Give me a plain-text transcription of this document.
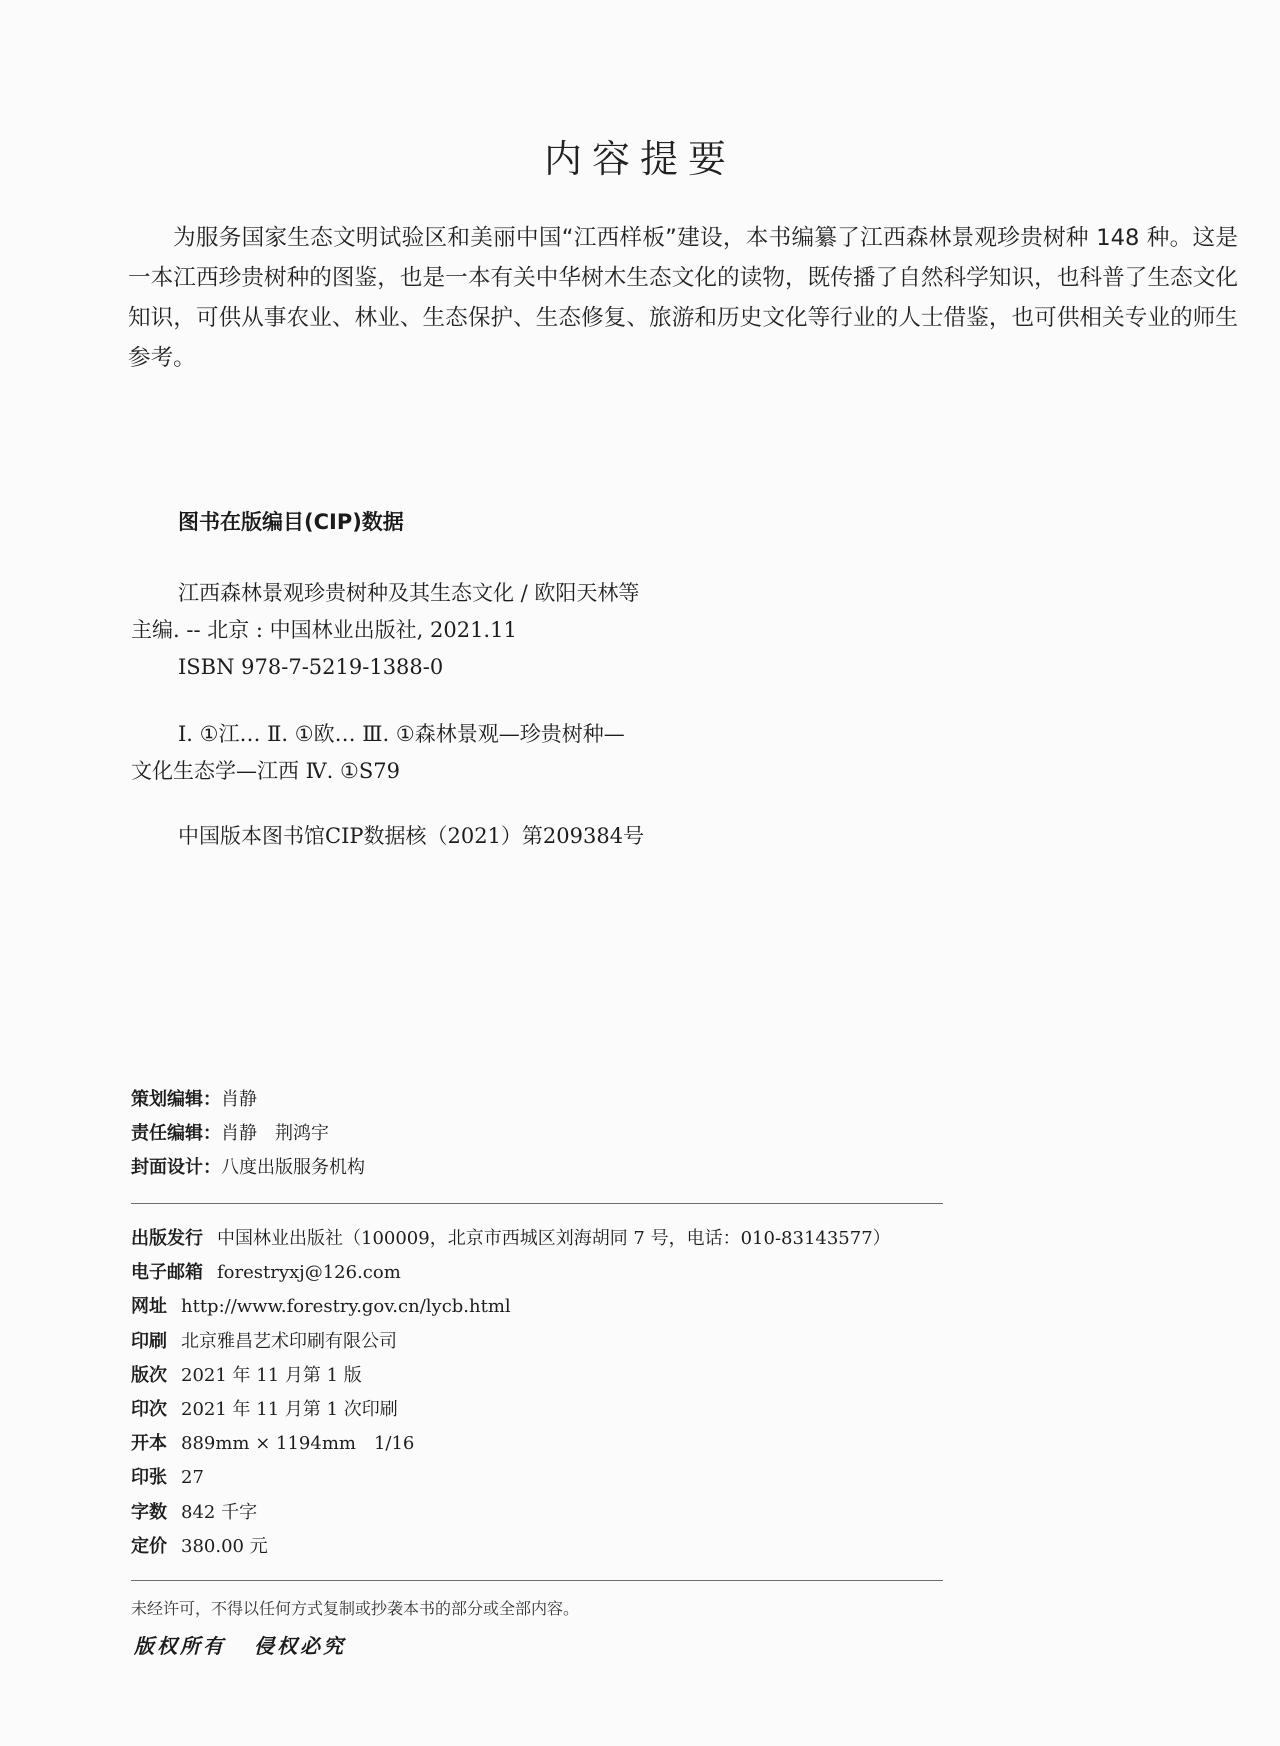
内容提要
为服务国家生态文明试验区和美丽中国“江西样板”建设，本书编纂了江西森林景观珍贵树种 148 种。这是一本江西珍贵树种的图鉴，也是一本有关中华树木生态文化的读物，既传播了自然科学知识，也科普了生态文化知识，可供从事农业、林业、生态保护、生态修复、旅游和历史文化等行业的人士借鉴，也可供相关专业的师生参考。
图书在版编目(CIP)数据
江西森林景观珍贵树种及其生态文化 / 欧阳天林等
主编. -- 北京 : 中国林业出版社, 2021.11
ISBN 978-7-5219-1388-0
Ⅰ. ①江… Ⅱ. ①欧… Ⅲ. ①森林景观—珍贵树种—
文化生态学—江西 Ⅳ. ①S79
中国版本图书馆CIP数据核（2021）第209384号
策划编辑： 肖静
责任编辑： 肖静　荆鸿宇
封面设计： 八度出版服务机构
出版发行 中国林业出版社（100009，北京市西城区刘海胡同 7 号，电话：010-83143577）
电子邮箱 forestryxj@126.com
网址 http://www.forestry.gov.cn/lycb.html
印刷 北京雅昌艺术印刷有限公司
版次 2021 年 11 月第 1 版
印次 2021 年 11 月第 1 次印刷
开本 889mm × 1194mm　1/16
印张 27
字数 842 千字
定价 380.00 元
未经许可，不得以任何方式复制或抄袭本书的部分或全部内容。
版权所有 侵权必究
